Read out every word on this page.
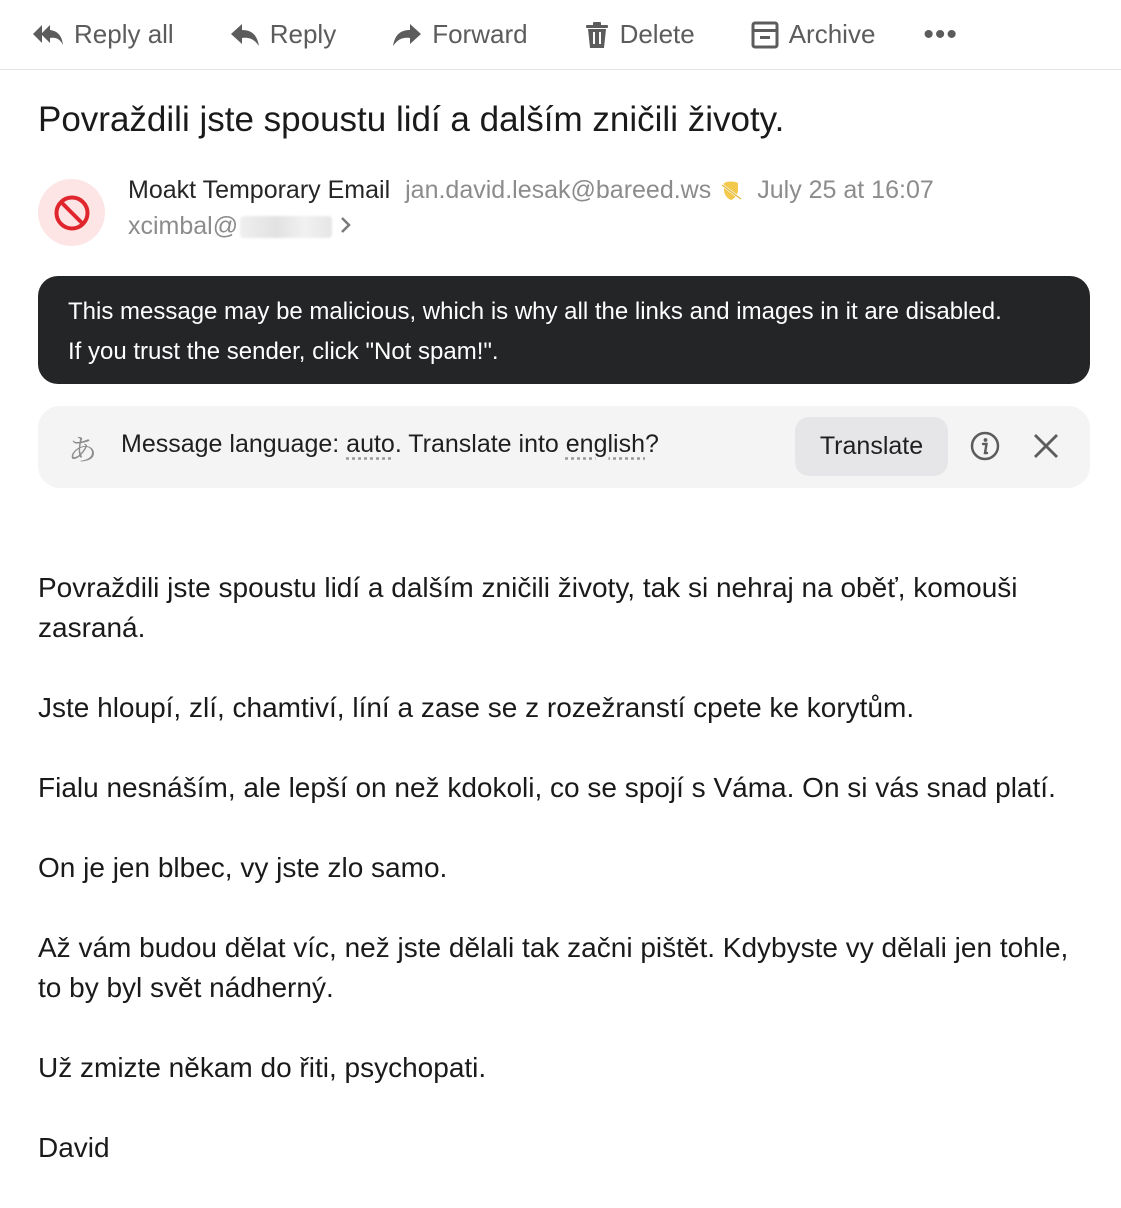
Reply all	Reply	Forward	Delete	Archive •••
Povraždili jste spoustu lidí a dalším zničili životy.
Moakt Temporary Email jan.david.lesak@bareed.ws July 25 at 16:07
xcimbal@
This message may be malicious, which is why all the links and images in it are disabled.
If you trust the sender, click "Not spam!".
あ Message language: auto. Translate into english?	Translate

Povraždili jste spoustu lidí a dalším zničili životy, tak si nehraj na oběť, komouši zasraná.

Jste hloupí, zlí, chamtiví, líní a zase se z rozežranstí cpete ke korytům.

Fialu nesnáším, ale lepší on než kdokoli, co se spojí s Váma. On si vás snad platí.

On je jen blbec, vy jste zlo samo.

Až vám budou dělat víc, než jste dělali tak začni pištět. Kdybyste vy dělali jen tohle, to by byl svět nádherný.

Už zmizte někam do řiti, psychopati.

David
